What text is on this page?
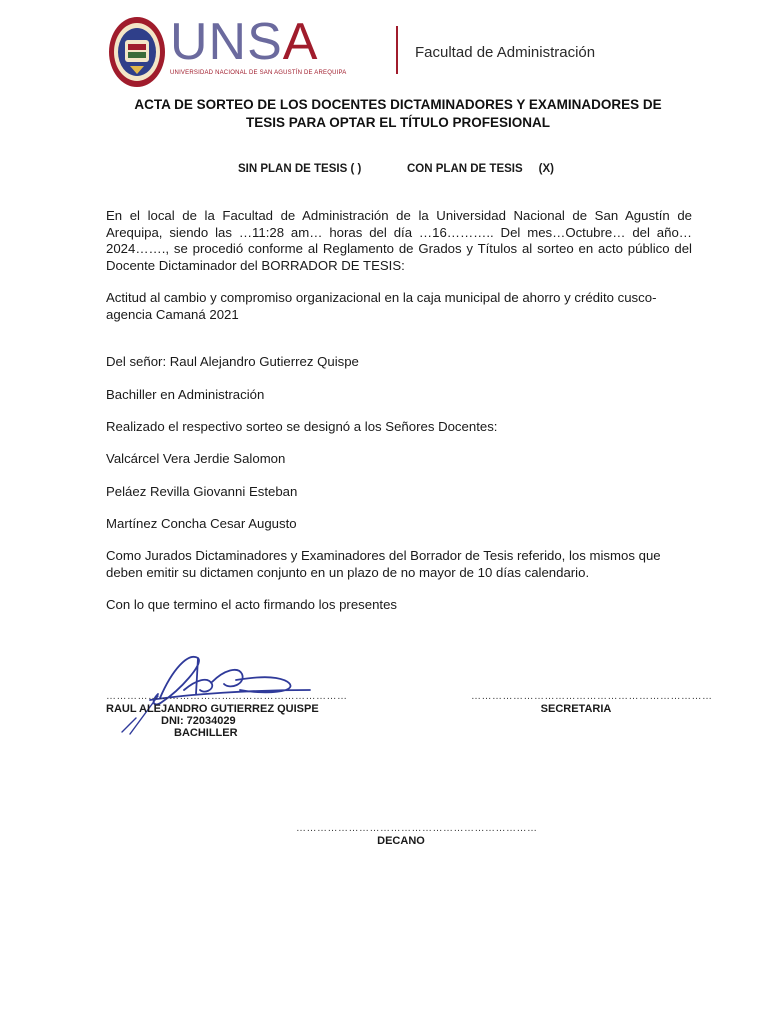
UNSA
UNIVERSIDAD NACIONAL DE SAN AGUSTÍN DE AREQUIPA
Facultad de Administración
ACTA DE SORTEO DE LOS DOCENTES DICTAMINADORES Y EXAMINADORES DE
TESIS PARA OPTAR EL TÍTULO PROFESIONAL
SIN PLAN DE TESIS ( )	CON PLAN DE TESIS (X)
En el local de la Facultad de Administración de la Universidad Nacional de San Agustín de Arequipa, siendo las …11:28 am… horas del día …16……….. Del mes…Octubre… del año…2024……., se procedió conforme al Reglamento de Grados y Títulos al sorteo en acto público del Docente Dictaminador del BORRADOR DE TESIS:
Actitud al cambio y compromiso organizacional en la caja municipal de ahorro y crédito cusco-agencia Camaná 2021
Del señor: Raul Alejandro Gutierrez Quispe
Bachiller en Administración
Realizado el respectivo sorteo se designó a los Señores Docentes:
Valcárcel Vera Jerdie Salomon
Peláez Revilla Giovanni Esteban
Martínez Concha Cesar Augusto
Como Jurados Dictaminadores y Examinadores del Borrador de Tesis referido, los mismos que deben emitir su dictamen conjunto en un plazo de no mayor de 10 días calendario.
Con lo que termino el acto firmando los presentes
……………………………………………………………
RAUL ALEJANDRO GUTIERREZ QUISPE
DNI: 72034029
BACHILLER
……………………………………………………………
SECRETARIA
……………………………………………………………
DECANO
